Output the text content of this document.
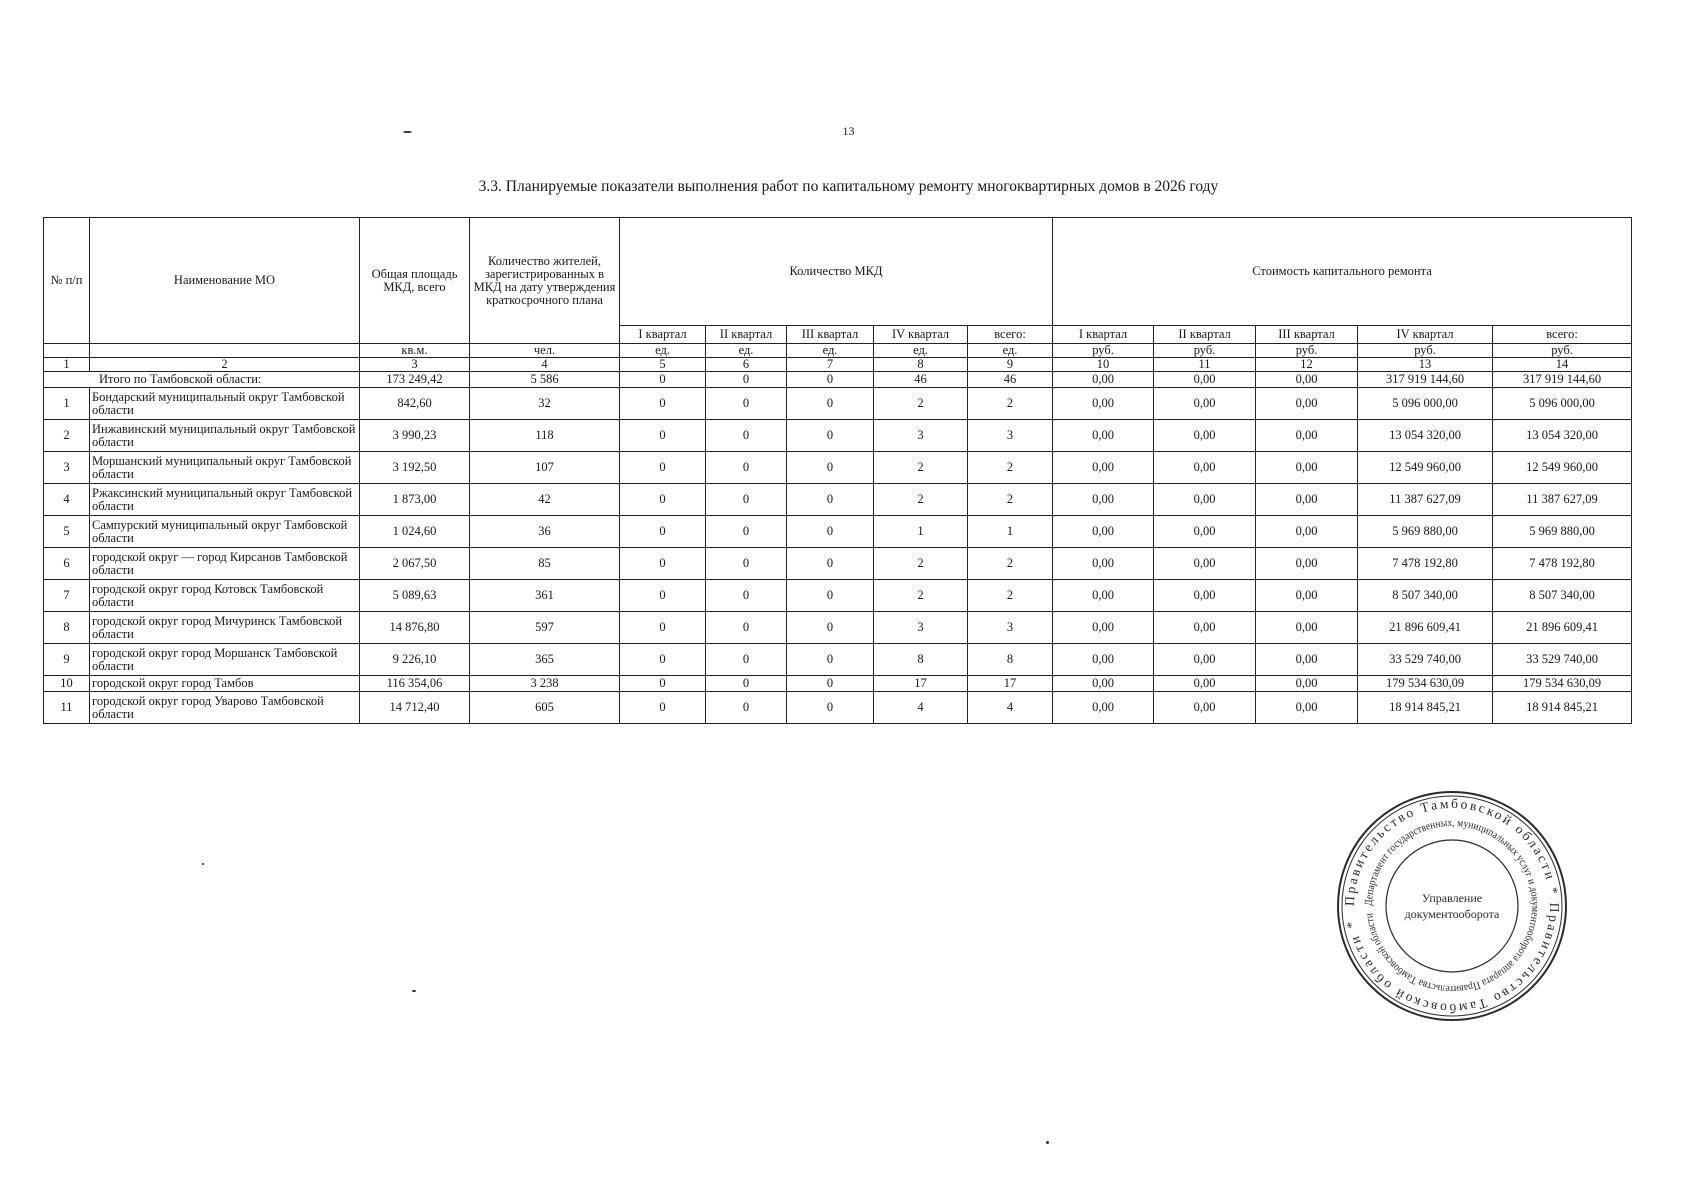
13
3.3. Планируемые показатели выполнения работ по капитальному ремонту многоквартирных домов в 2026 году
№ п/п	Наименование МО	Общая площадь МКД, всего	Количество жителей, зарегистрированных в МКД на дату утверждения краткосрочного плана	Количество МКД					Стоимость капитального ремонта				
				I квартал	II квартал	III квартал	IV квартал	всего:	I квартал	II квартал	III квартал	IV квартал	всего:
		кв.м.	чел.	ед.	ед.	ед.	ед.	ед.	руб.	руб.	руб.	руб.	руб.
1	2	3	4	5	6	7	8	9	10	11	12	13	14
Итого по Тамбовской области:		173 249,42	5 586	0	0	0	46	46	0,00	0,00	0,00	317 919 144,60	317 919 144,60
1	Бондарский муниципальный округ Тамбовской области	842,60	32	0	0	0	2	2	0,00	0,00	0,00	5 096 000,00	5 096 000,00
2	Инжавинский муниципальный округ Тамбовской области	3 990,23	118	0	0	0	3	3	0,00	0,00	0,00	13 054 320,00	13 054 320,00
3	Моршанский муниципальный округ Тамбовской области	3 192,50	107	0	0	0	2	2	0,00	0,00	0,00	12 549 960,00	12 549 960,00
4	Ржаксинский муниципальный округ Тамбовской области	1 873,00	42	0	0	0	2	2	0,00	0,00	0,00	11 387 627,09	11 387 627,09
5	Сампурский муниципальный округ Тамбовской области	1 024,60	36	0	0	0	1	1	0,00	0,00	0,00	5 969 880,00	5 969 880,00
6	городской округ — город Кирсанов Тамбовской области	2 067,50	85	0	0	0	2	2	0,00	0,00	0,00	7 478 192,80	7 478 192,80
7	городской округ город Котовск Тамбовской области	5 089,63	361	0	0	0	2	2	0,00	0,00	0,00	8 507 340,00	8 507 340,00
8	городской округ город Мичуринск Тамбовской области	14 876,80	597	0	0	0	3	3	0,00	0,00	0,00	21 896 609,41	21 896 609,41
9	городской округ город Моршанск Тамбовской области	9 226,10	365	0	0	0	8	8	0,00	0,00	0,00	33 529 740,00	33 529 740,00
10	городской округ город Тамбов	116 354,06	3 238	0	0	0	17	17	0,00	0,00	0,00	179 534 630,09	179 534 630,09
11	городской округ город Уварово Тамбовской области	14 712,40	605	0	0	0	4	4	0,00	0,00	0,00	18 914 845,21	18 914 845,21
Правительство Тамбовской области * Правительство Тамбовской области *
Департамент государственных, муниципальных услуг и документооборота аппарата Правительства Тамбовской области
Управление
документооборота
